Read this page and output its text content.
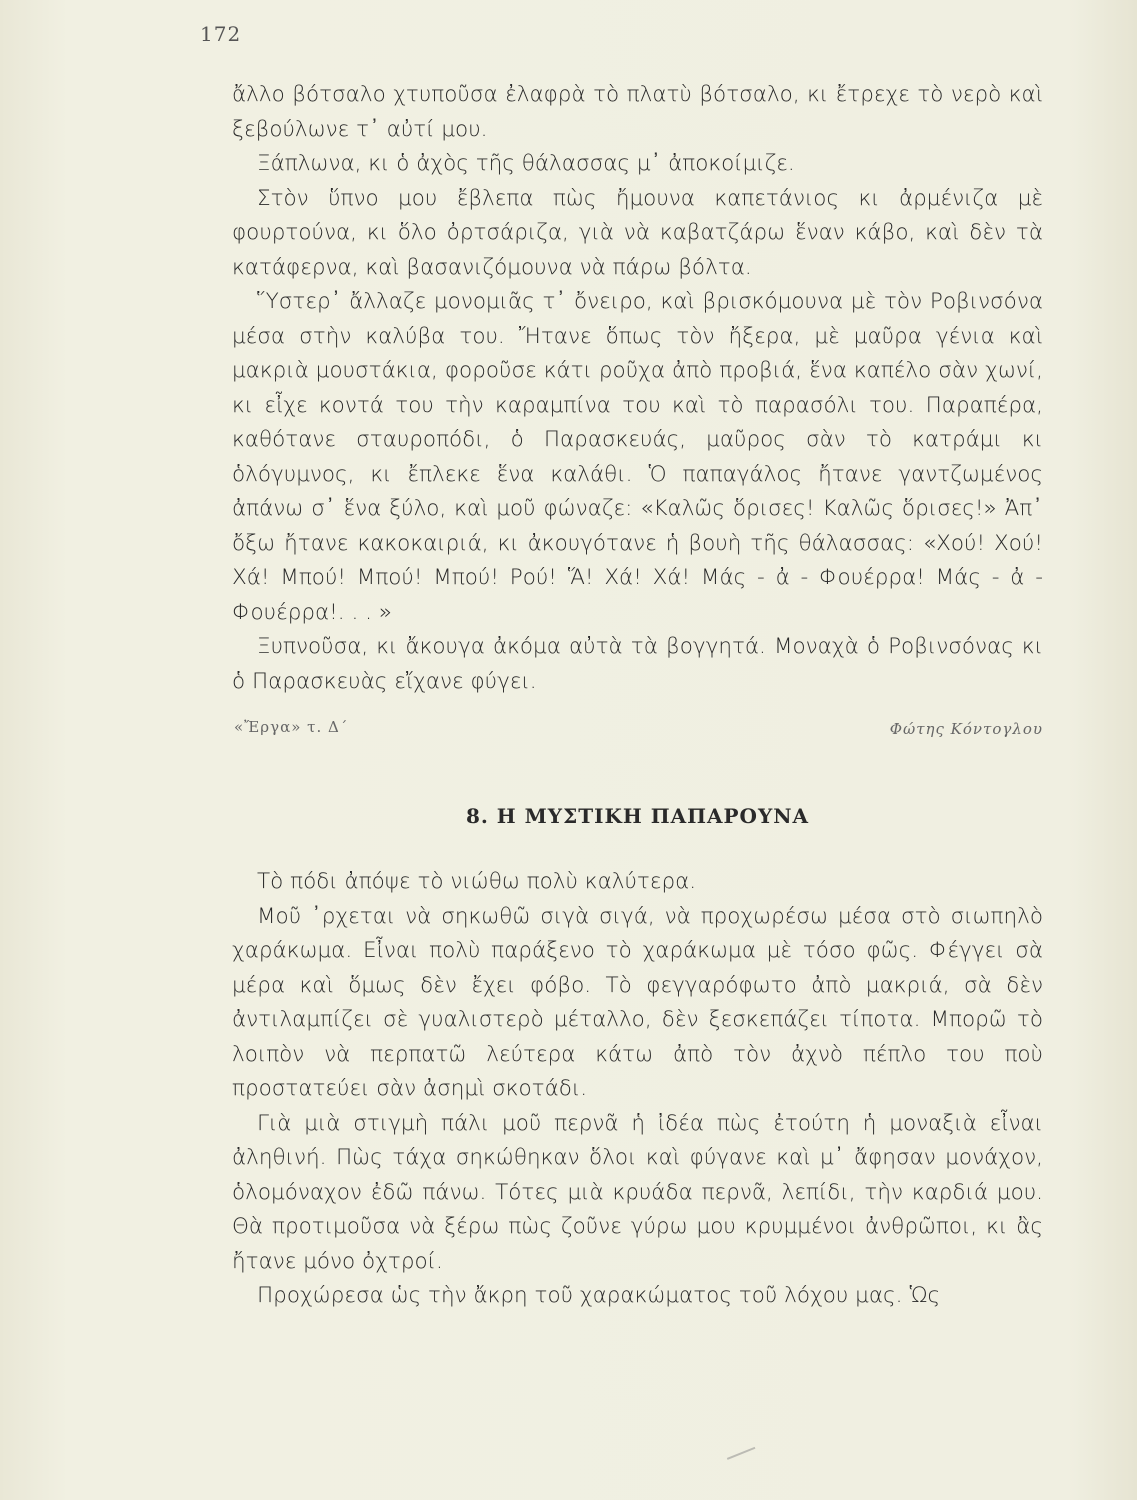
172

ἄλλο βότσαλο χτυποῦσα ἐλαφρὰ τὸ πλατὺ βότσαλο, κι ἔτρεχε τὸ νερὸ καὶ ξεβούλωνε τ᾿ αὐτί μου.

Ξάπλωνα, κι ὁ ἀχὸς τῆς θάλασσας μ᾿ ἀποκοίμιζε.

Στὸν ὕπνο μου ἔβλεπα πὼς ἤμουνα καπετάνιος κι ἀρμένιζα μὲ φουρτούνα, κι ὅλο ὀρτσάριζα, γιὰ νὰ καβατζάρω ἕναν κάβο, καὶ δὲν τὰ κατάφερνα, καὶ βασανιζόμουνα νὰ πάρω βόλτα.

Ὕστερ᾿ ἄλλαζε μονομιᾶς τ᾿ ὄνειρο, καὶ βρισκόμουνα μὲ τὸν Ροβινσόνα μέσα στὴν καλύβα του. Ἤτανε ὅπως τὸν ἤξερα, μὲ μαῦρα γένια καὶ μακριὰ μουστάκια, φοροῦσε κάτι ροῦχα ἀπὸ προβιά, ἕνα καπέλο σὰν χωνί, κι εἶχε κοντά του τὴν καραμπίνα του καὶ τὸ παρασόλι του. Παραπέρα, καθότανε σταυροπόδι, ὁ Παρασκευάς, μαῦρος σὰν τὸ κατράμι κι ὁλόγυμνος, κι ἔπλεκε ἕνα καλάθι. Ὁ παπαγάλος ἤτανε γαντζωμένος ἀπάνω σ᾿ ἕνα ξύλο, καὶ μοῦ φώναζε: «Καλῶς ὅρισες! Καλῶς ὅρισες!» Ἀπ᾿ ὄξω ἤτανε κακοκαιριά, κι ἀκουγότανε ἡ βουὴ τῆς θάλασσας: «Χού! Χού! Χά! Μπού! Μπού! Μπού! Ρού! Ἅ! Χά! Χά! Μάς - ἀ - Φουέρρα! Μάς - ἀ - Φουέρρα!. . . »

Ξυπνοῦσα, κι ἄκουγα ἀκόμα αὐτὰ τὰ βογγητά. Μοναχὰ ὁ Ροβινσόνας κι ὁ Παρασκευὰς εἴχανε φύγει.

«Ἔργα» τ. Δ΄	Φώτης Κόντογλου
8. Η ΜΥΣΤΙΚΗ ΠΑΠΑΡΟΥΝΑ

Τὸ πόδι ἀπόψε τὸ νιώθω πολὺ καλύτερα.

Μοῦ ᾿ρχεται νὰ σηκωθῶ σιγὰ σιγά, νὰ προχωρέσω μέσα στὸ σιωπηλὸ χαράκωμα. Εἶναι πολὺ παράξενο τὸ χαράκωμα μὲ τόσο φῶς. Φέγγει σὰ μέρα καὶ ὅμως δὲν ἔχει φόβο. Τὸ φεγγαρόφωτο ἀπὸ μακριά, σὰ δὲν ἀντιλαμπίζει σὲ γυαλιστερὸ μέταλλο, δὲν ξεσκεπάζει τίποτα. Μπορῶ τὸ λοιπὸν νὰ περπατῶ λεύτερα κάτω ἀπὸ τὸν ἀχνὸ πέπλο του ποὺ προστατεύει σὰν ἀσημὶ σκοτάδι.

Γιὰ μιὰ στιγμὴ πάλι μοῦ περνᾶ ἡ ἰδέα πὼς ἐτούτη ἡ μοναξιὰ εἶναι ἀληθινή. Πὼς τάχα σηκώθηκαν ὅλοι καὶ φύγανε καὶ μ᾿ ἄφησαν μονάχον, ὁλομόναχον ἐδῶ πάνω. Τότες μιὰ κρυάδα περνᾶ, λεπίδι, τὴν καρδιά μου. Θὰ προτιμοῦσα νὰ ξέρω πὼς ζοῦνε γύρω μου κρυμμένοι ἀνθρῶποι, κι ἂς ἤτανε μόνο ὀχτροί.

Προχώρεσα ὡς τὴν ἄκρη τοῦ χαρακώματος τοῦ λόχου μας. Ὡς
